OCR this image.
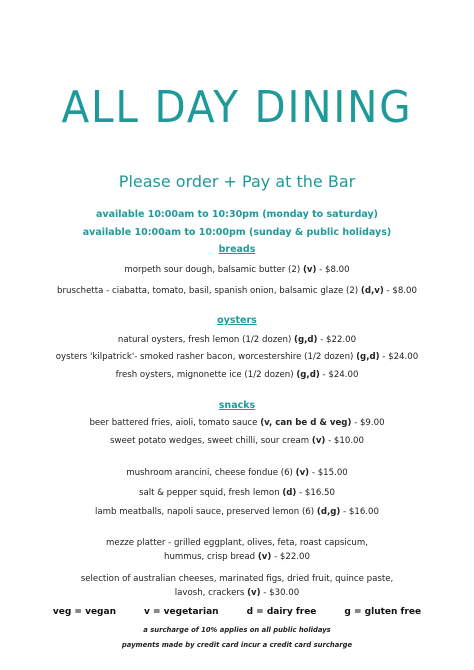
ALL DAY DINING
Please order + Pay at the Bar
available 10:00am to 10:30pm (monday to saturday)
available 10:00am to 10:00pm (sunday & public holidays)
breads
morpeth sour dough, balsamic butter (2) (v) - $8.00
bruschetta - ciabatta, tomato, basil, spanish onion, balsamic glaze (2) (d,v) - $8.00
oysters
natural oysters, fresh lemon (1/2 dozen) (g,d) - $22.00
oysters 'kilpatrick'- smoked rasher bacon, worcestershire (1/2 dozen) (g,d) - $24.00
fresh oysters, mignonette ice (1/2 dozen) (g,d) - $24.00
snacks
beer battered fries, aioli, tomato sauce (v, can be d & veg) - $9.00
sweet potato wedges, sweet chilli, sour cream (v) - $10.00
mushroom arancini, cheese fondue (6) (v) - $15.00
salt & pepper squid, fresh lemon (d) - $16.50
lamb meatballs, napoli sauce, preserved lemon (6) (d,g) - $16.00
mezze platter - grilled eggplant, olives, feta, roast capsicum,
hummus, crisp bread (v) - $22.00
selection of australian cheeses, marinated figs, dried fruit, quince paste,
lavosh, crackers (v) - $30.00
veg = vegan	v = vegetarian	d = dairy free	g = gluten free
a surcharge of 10% applies on all public holidays
payments made by credit card incur a credit card surcharge
